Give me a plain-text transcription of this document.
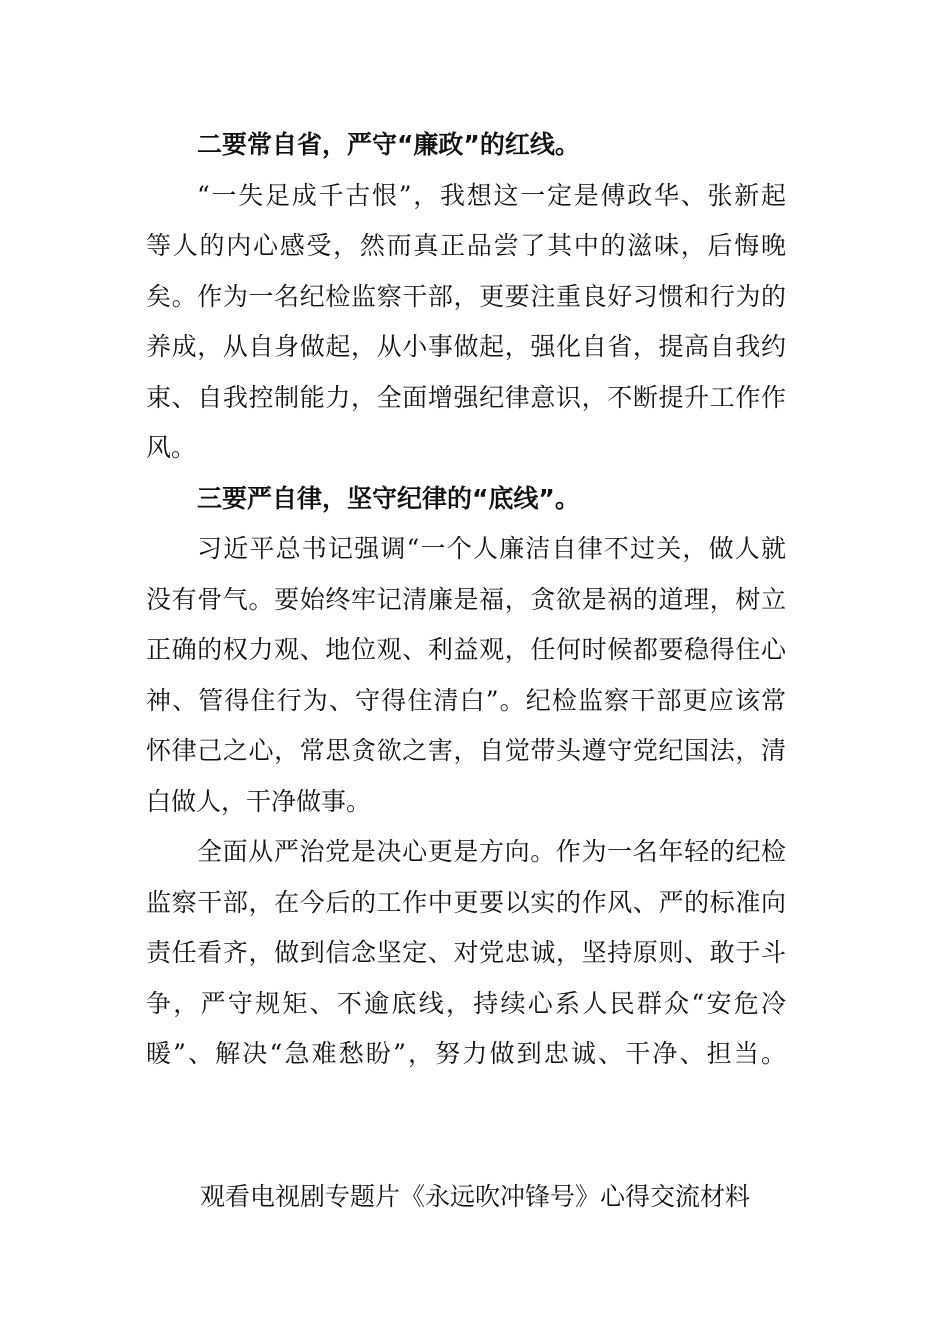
二要常自省，严守“廉政”的红线。

“一失足成千古恨”，我想这一定是傅政华、张新起
等人的内心感受，然而真正品尝了其中的滋味，后悔晚
矣。作为一名纪检监察干部，更要注重良好习惯和行为的
养成，从自身做起，从小事做起，强化自省，提高自我约
束、自我控制能力，全面增强纪律意识，不断提升工作作
风。

三要严自律，坚守纪律的“底线”。

习近平总书记强调“一个人廉洁自律不过关，做人就
没有骨气。要始终牢记清廉是福，贪欲是祸的道理，树立
正确的权力观、地位观、利益观，任何时候都要稳得住心
神、管得住行为、守得住清白”。纪检监察干部更应该常
怀律己之心，常思贪欲之害，自觉带头遵守党纪国法，清
白做人，干净做事。
全面从严治党是决心更是方向。作为一名年轻的纪检
监察干部，在今后的工作中更要以实的作风、严的标准向
责任看齐，做到信念坚定、对党忠诚，坚持原则、敢于斗
争，严守规矩、不逾底线，持续心系人民群众“安危冷
暖”、解决“急难愁盼”，努力做到忠诚、干净、担当。
观看电视剧专题片《永远吹冲锋号》心得交流材料
